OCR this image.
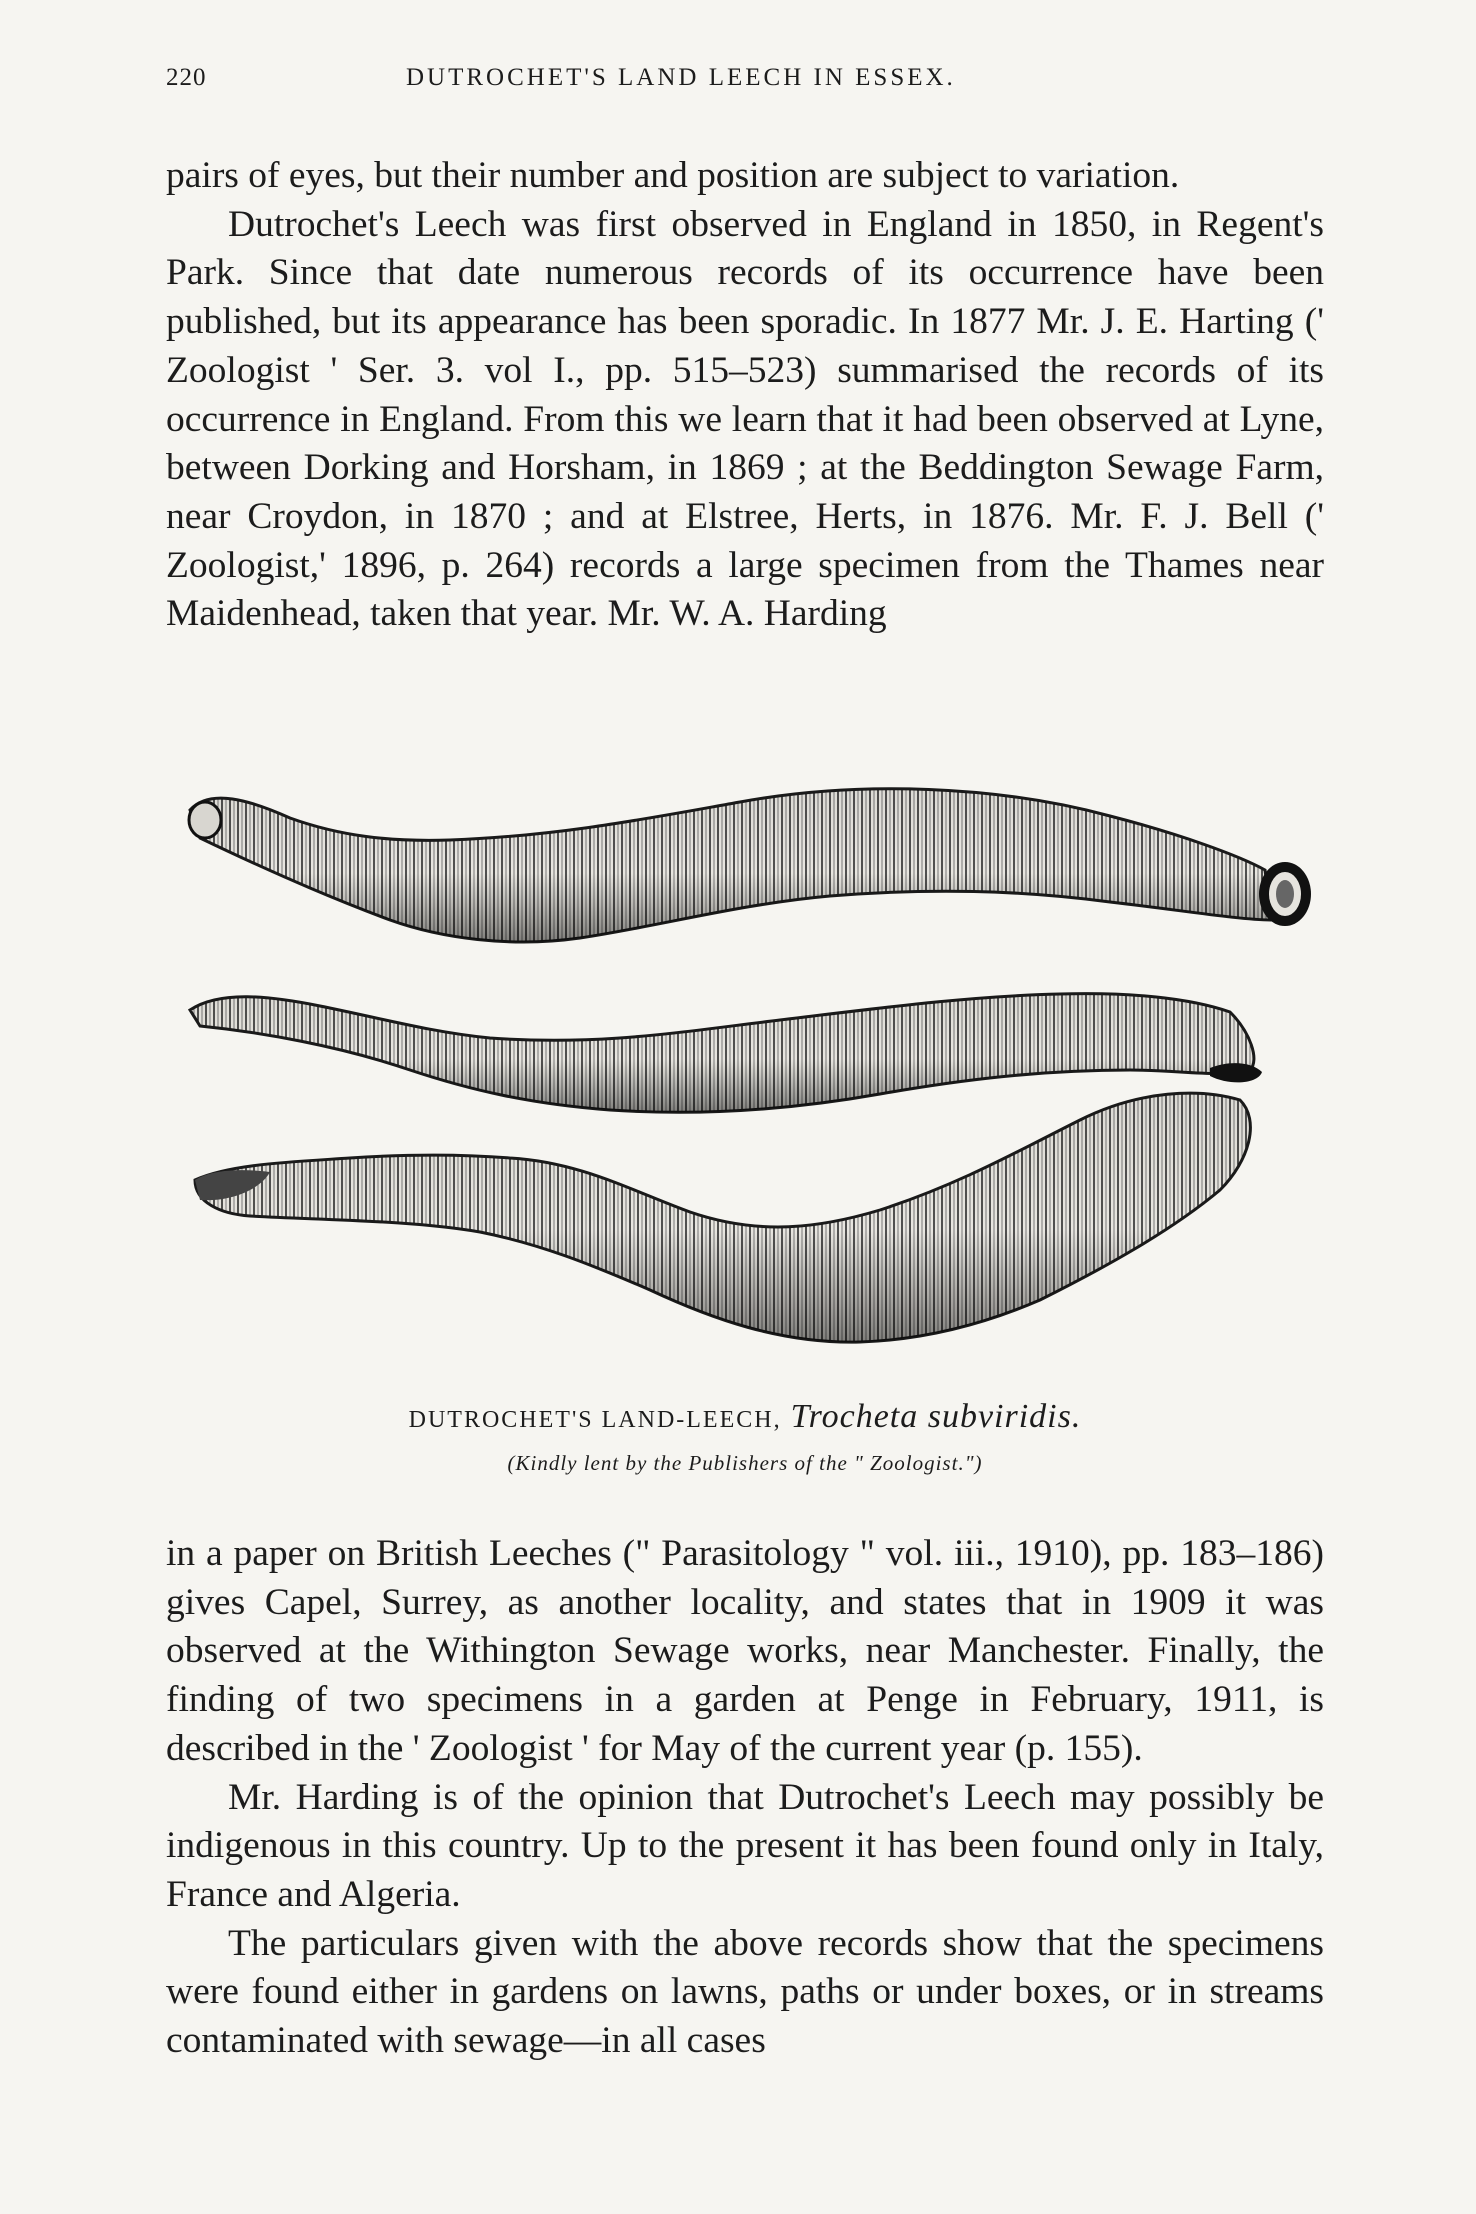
220	DUTROCHET'S LAND LEECH IN ESSEX.

pairs of eyes, but their number and position are subject to variation.

Dutrochet's Leech was first observed in England in 1850, in Regent's Park. Since that date numerous records of its occurrence have been published, but its appearance has been sporadic. In 1877 Mr. J. E. Harting (' Zoologist ' Ser. 3. vol I., pp. 515–523) summarised the records of its occurrence in England. From this we learn that it had been observed at Lyne, between Dorking and Horsham, in 1869 ; at the Beddington Sewage Farm, near Croydon, in 1870 ; and at Elstree, Herts, in 1876. Mr. F. J. Bell (' Zoologist,' 1896, p. 264) records a large specimen from the Thames near Maidenhead, taken that year. Mr. W. A. Harding

DUTROCHET'S LAND-LEECH, Trocheta subviridis.
(Kindly lent by the Publishers of the " Zoologist.")

in a paper on British Leeches (" Parasitology " vol. iii., 1910), pp. 183–186) gives Capel, Surrey, as another locality, and states that in 1909 it was observed at the Withington Sewage works, near Manchester. Finally, the finding of two specimens in a garden at Penge in February, 1911, is described in the ' Zoologist ' for May of the current year (p. 155).

Mr. Harding is of the opinion that Dutrochet's Leech may possibly be indigenous in this country. Up to the present it has been found only in Italy, France and Algeria.

The particulars given with the above records show that the specimens were found either in gardens on lawns, paths or under boxes, or in streams contaminated with sewage—in all cases
